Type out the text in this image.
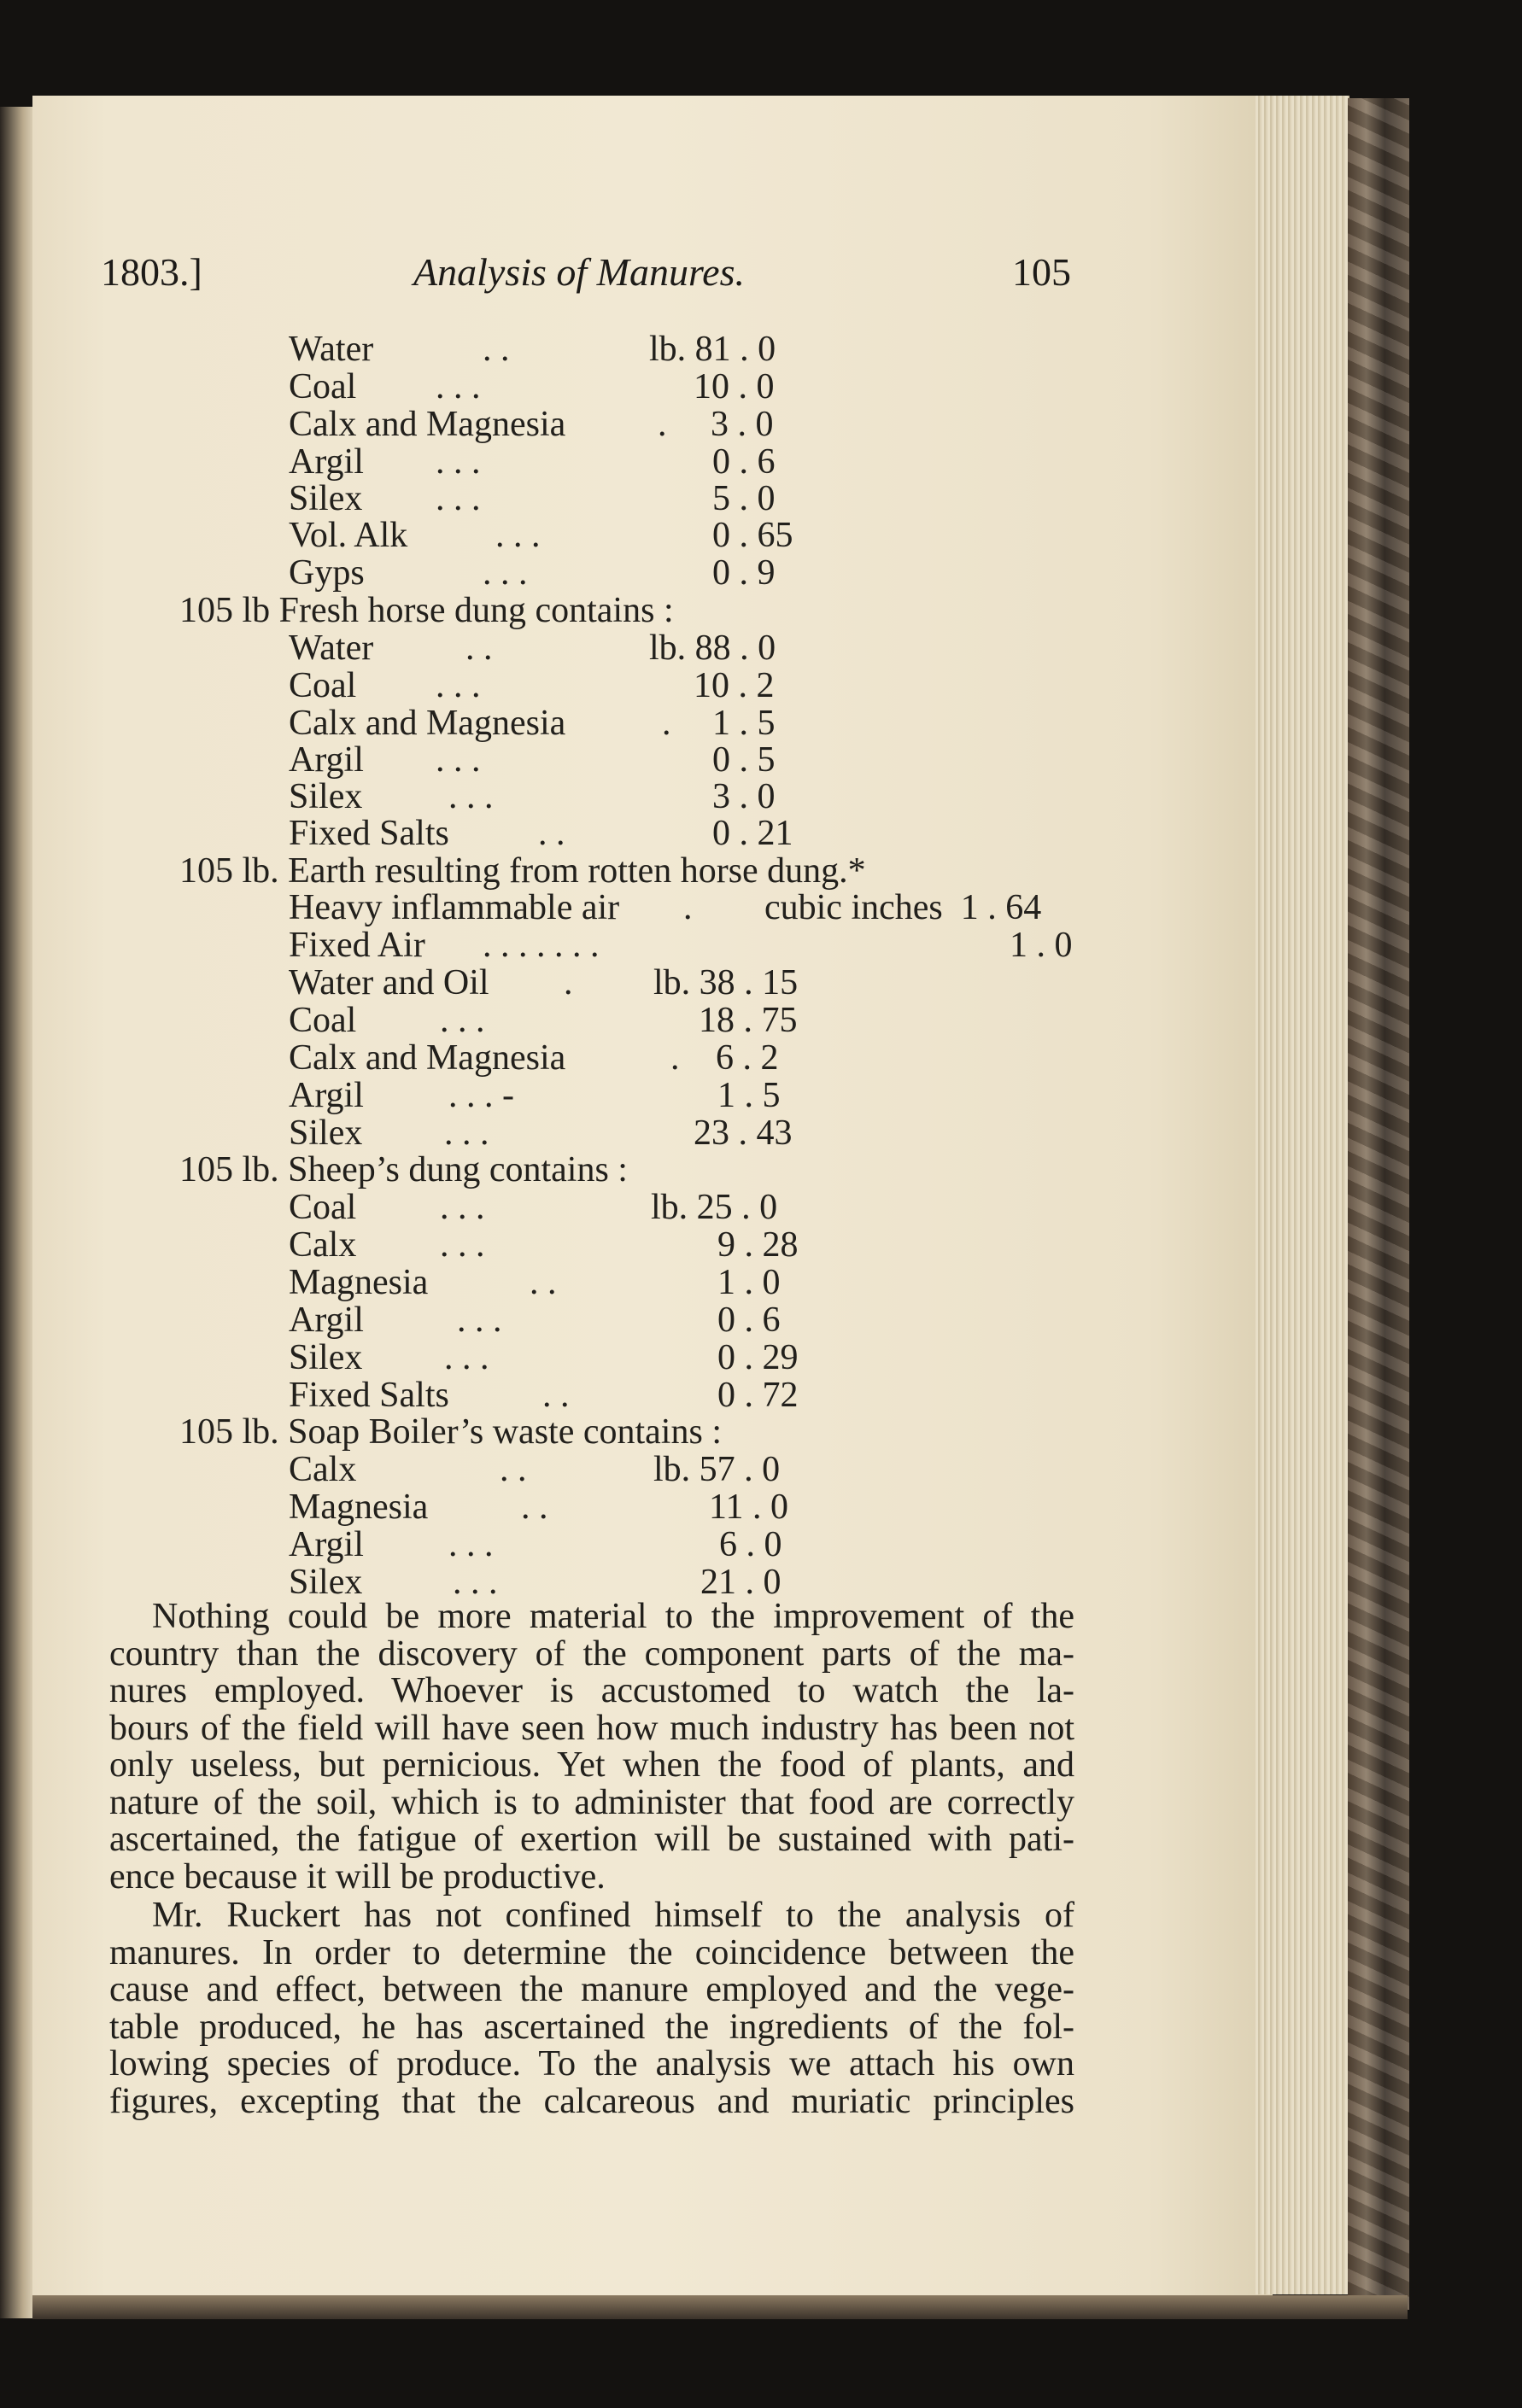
1803.]	Analysis of Manures.	105
Water	. .	lb. 81 . 0
Coal . . .	10 . 0
Calx and Magnesia	. 3 . 0
Argil . . .	0 . 6
Silex . . .	5 . 0
Vol. Alk . . .	0 . 65
Gyps	. . .	0 . 9
105 lb Fresh horse dung contains :
Water	. .	lb. 88 . 0
Coal . . .	10 . 2
Calx and Magnesia	. 1 . 5
Argil . . .	0 . 5
Silex . . .	3 . 0
Fixed Salts . .	0 . 21
105 lb. Earth resulting from rotten horse dung.*
Heavy inflammable air . cubic inches  1 . 64
Fixed Air . . . . . . .	1 . 0
Water and Oil . lb. 38 . 15
Coal . . .	18 . 75
Calx and Magnesia	. 6 . 2
Argil . . . -	1 . 5
Silex . . .	23 . 43
105 lb. Sheep’s dung contains :
Coal . . .	lb. 25 . 0
Calx . . .	9 . 28
Magnesia	. .	1 . 0
Argil	. . .	0 . 6
Silex . . .	0 . 29
Fixed Salts	. .	0 . 72
105 lb. Soap Boiler’s waste contains :
Calx	. .	lb. 57 . 0
Magnesia	. .	11 . 0
Argil . . .	6 . 0
Silex	. . .	21 . 0

Nothing could be more material to the improvement of the

country than the discovery of the component parts of the ma-

nures employed. Whoever is accustomed to watch the la-

bours of the field will have seen how much industry has been not

only useless, but pernicious. Yet when the food of plants, and

nature of the soil, which is to administer that food are correctly

ascertained, the fatigue of exertion will be sustained with pati-

ence because it will be productive.

Mr. Ruckert has not confined himself to the analysis of

manures. In order to determine the coincidence between the

cause and effect, between the manure employed and the vege-

table produced, he has ascertained the ingredients of the fol-

lowing species of produce. To the analysis we attach his own

figures, excepting that the calcareous and muriatic principles
